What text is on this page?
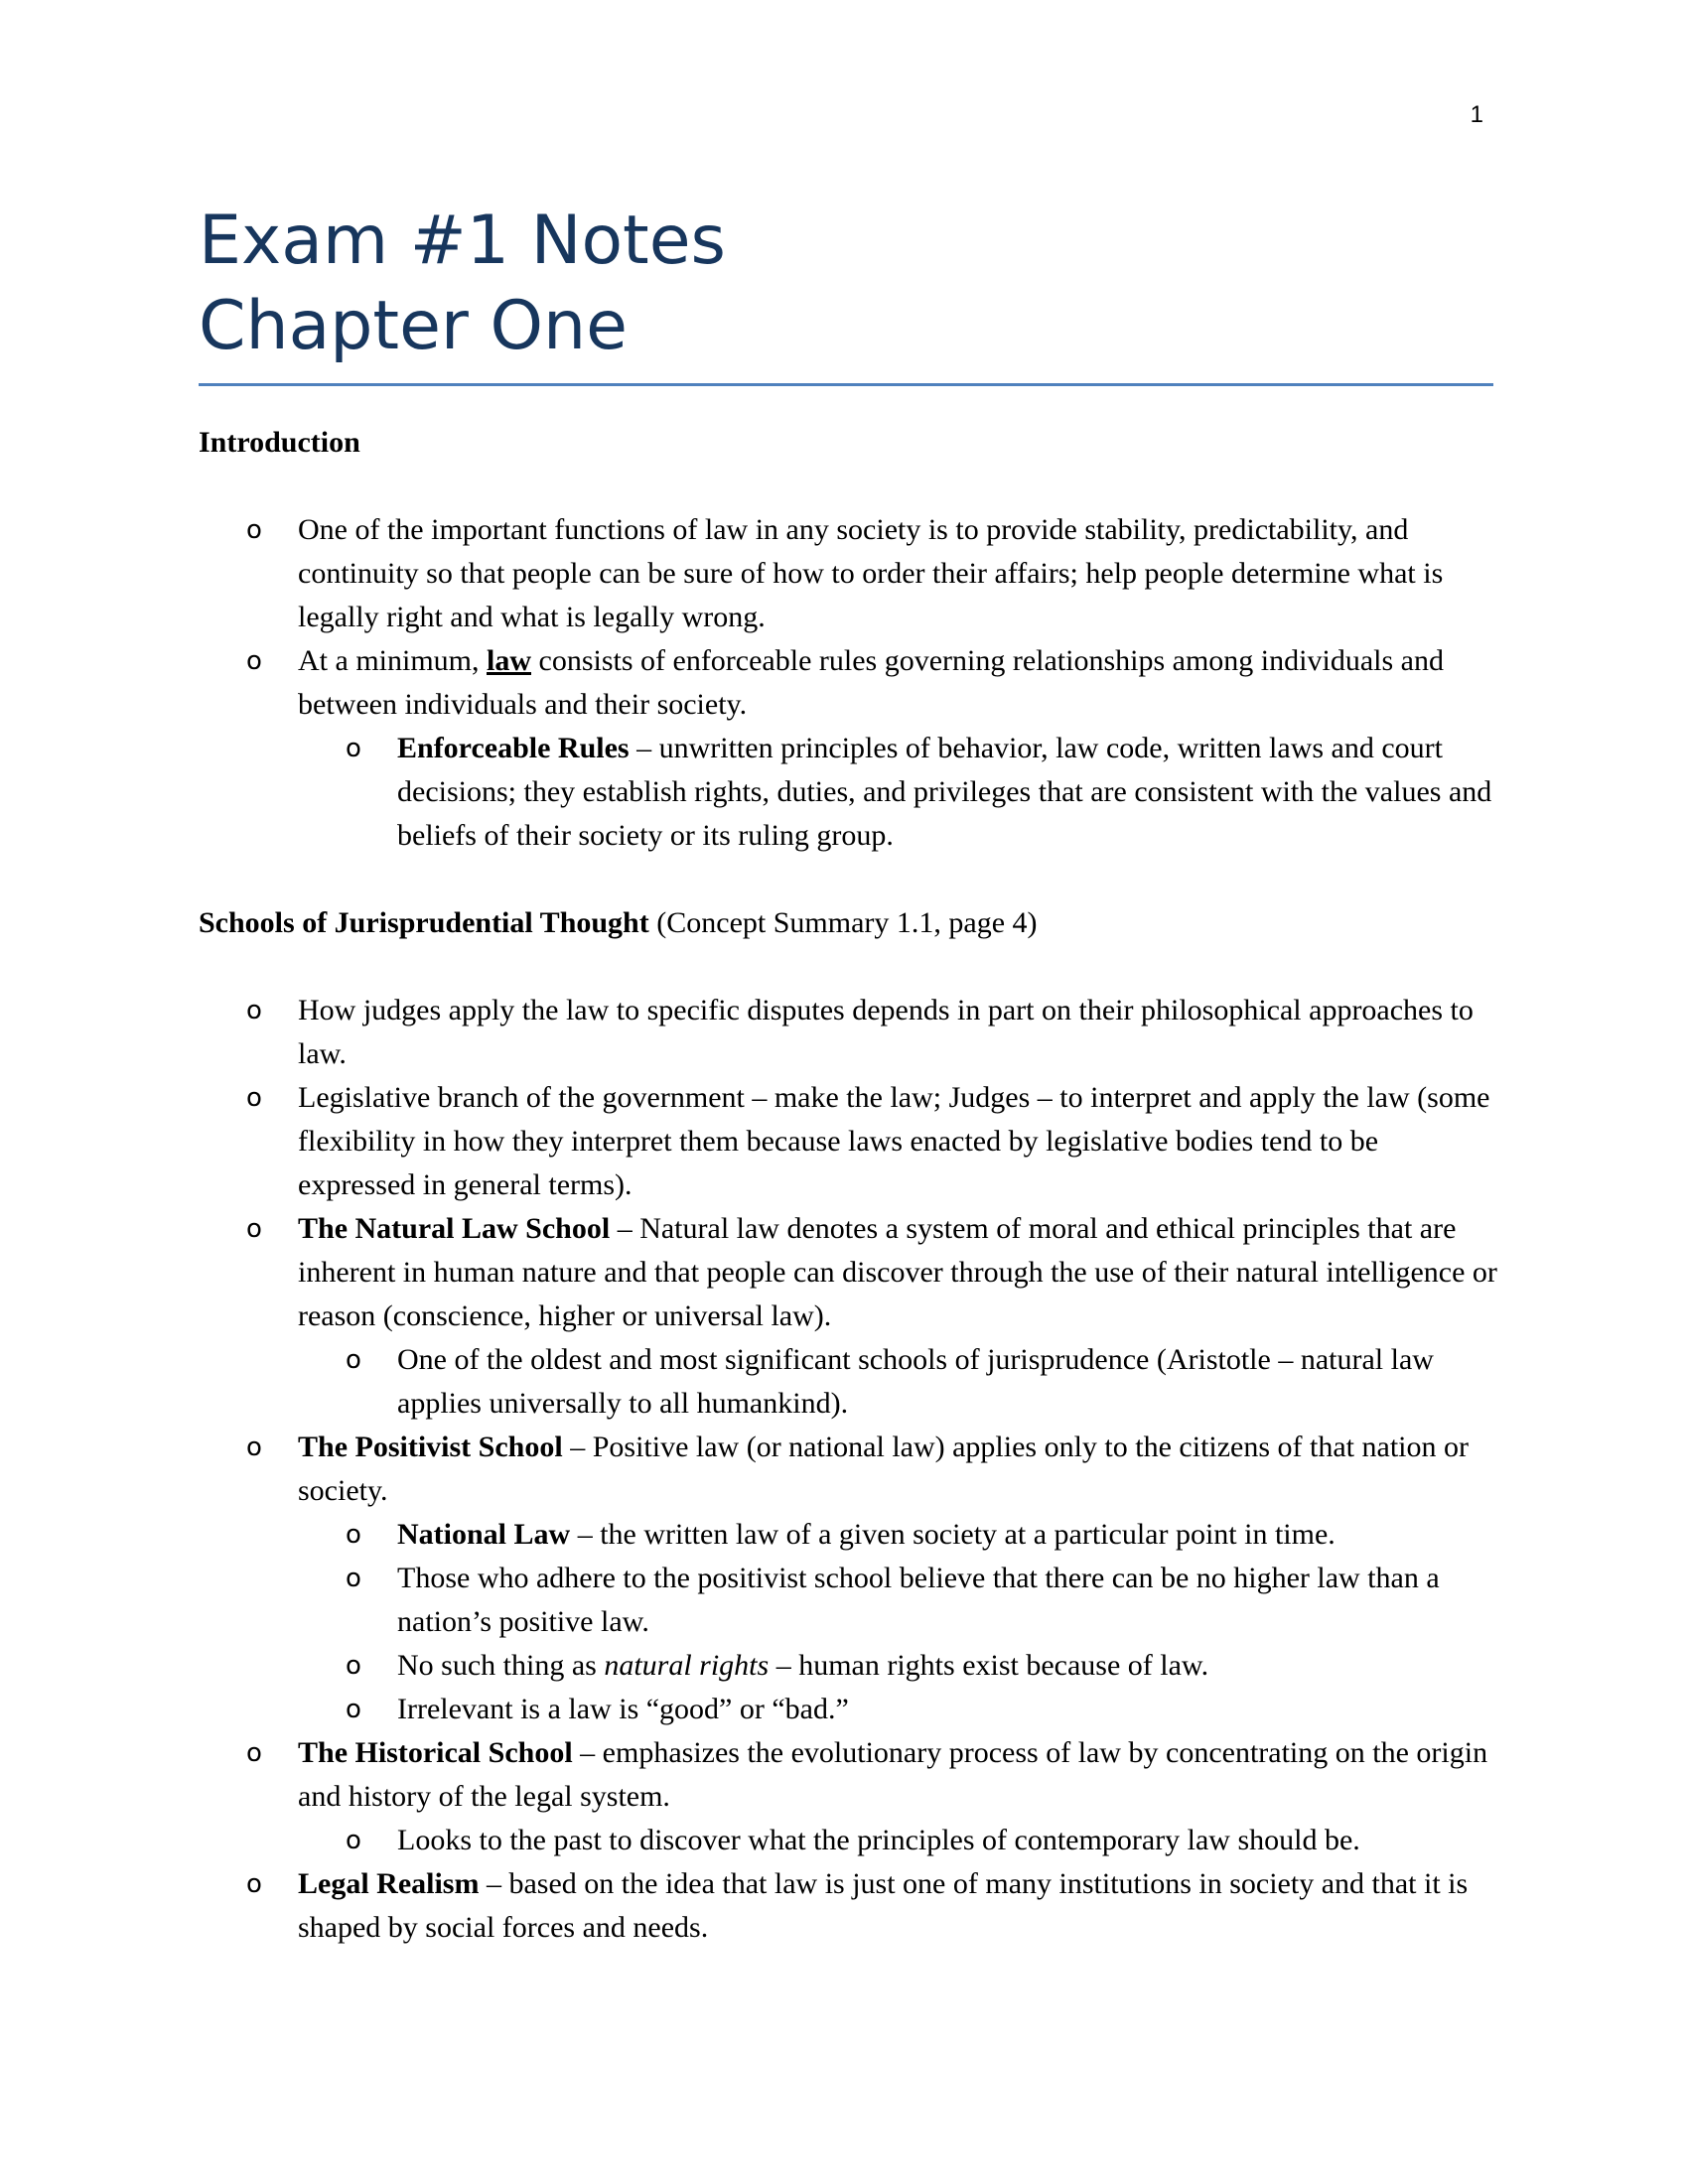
1
Exam #1 Notes
Chapter One
Introduction
o One of the important functions of law in any society is to provide stability, predictability, and continuity so that people can be sure of how to order their affairs; help people determine what is legally right and what is legally wrong.
o At a minimum, law consists of enforceable rules governing relationships among individuals and between individuals and their society.
o Enforceable Rules – unwritten principles of behavior, law code, written laws and court decisions; they establish rights, duties, and privileges that are consistent with the values and beliefs of their society or its ruling group.
Schools of Jurisprudential Thought (Concept Summary 1.1, page 4)
o How judges apply the law to specific disputes depends in part on their philosophical approaches to law.
o Legislative branch of the government – make the law; Judges – to interpret and apply the law (some flexibility in how they interpret them because laws enacted by legislative bodies tend to be expressed in general terms).
o The Natural Law School – Natural law denotes a system of moral and ethical principles that are inherent in human nature and that people can discover through the use of their natural intelligence or reason (conscience, higher or universal law).
o One of the oldest and most significant schools of jurisprudence (Aristotle – natural law applies universally to all humankind).
o The Positivist School – Positive law (or national law) applies only to the citizens of that nation or society.
o National Law – the written law of a given society at a particular point in time.
o Those who adhere to the positivist school believe that there can be no higher law than a nation’s positive law.
o No such thing as natural rights – human rights exist because of law.
o Irrelevant is a law is “good” or “bad.”
o The Historical School – emphasizes the evolutionary process of law by concentrating on the origin and history of the legal system.
o Looks to the past to discover what the principles of contemporary law should be.
o Legal Realism – based on the idea that law is just one of many institutions in society and that it is shaped by social forces and needs.
